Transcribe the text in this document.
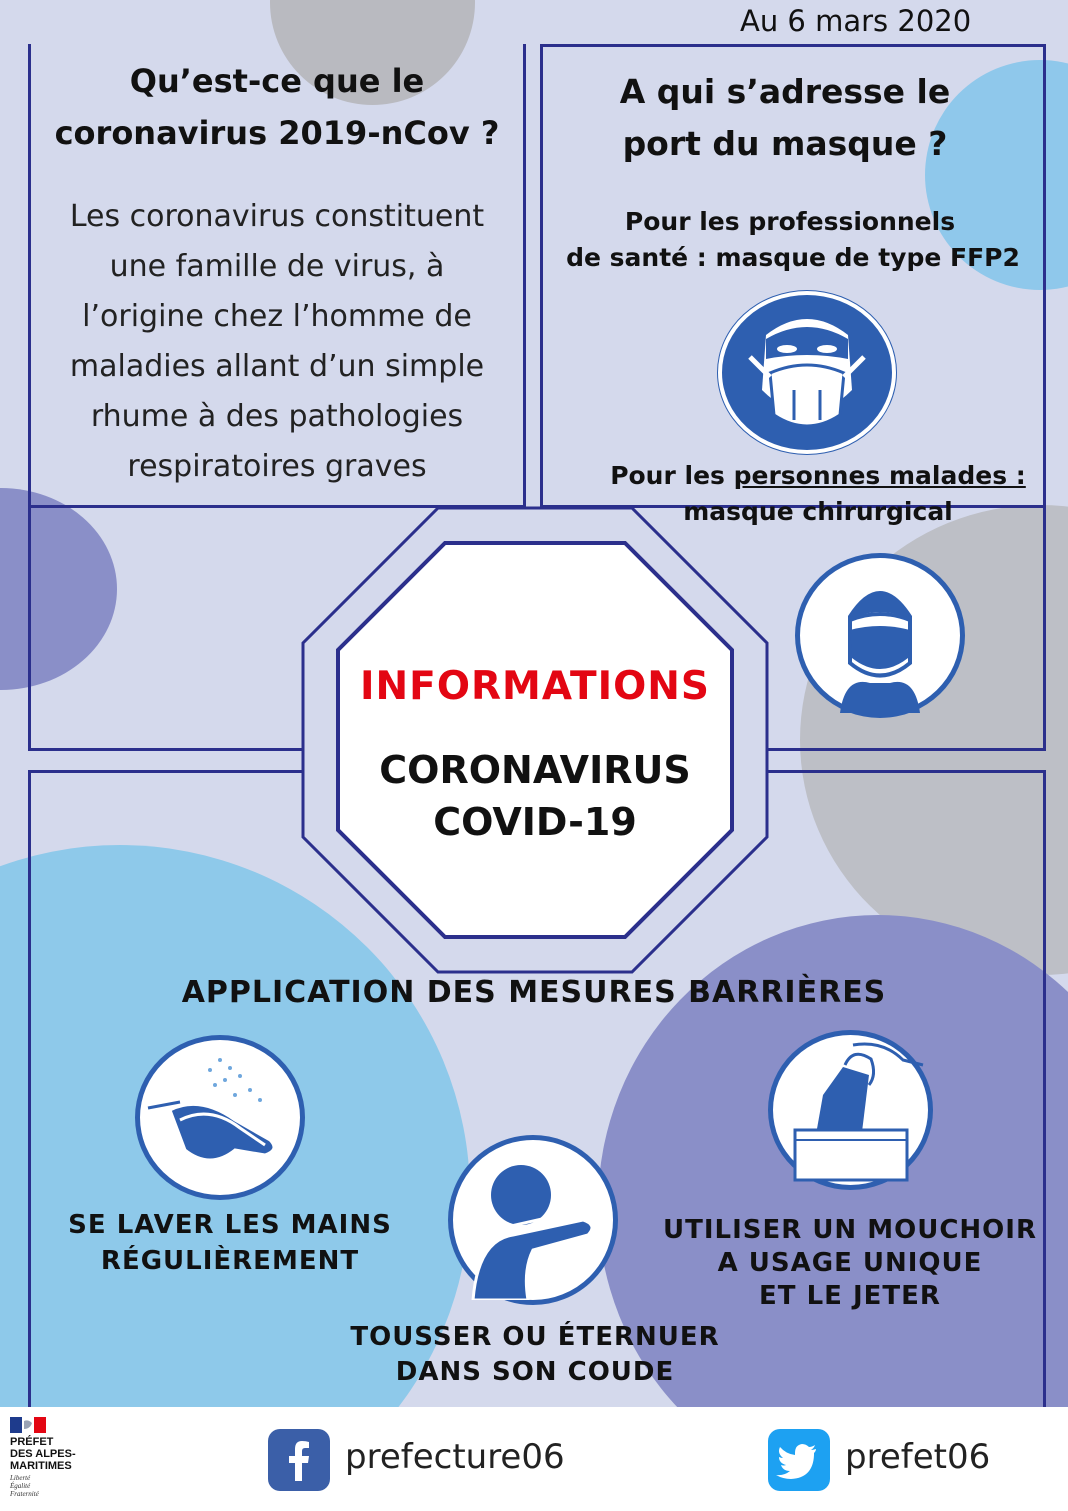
Au 6 mars 2020

Qu’est-ce que le

coronavirus 2019-nCov ?

Les coronavirus constituent

une famille de virus, à

l’origine chez l’homme de

maladies allant d’un simple

rhume à des pathologies

respiratoires graves

A qui s’adresse le

port du masque ?

Pour les professionnels

de santé : masque de type FFP2

Pour les personnes malades :

masque chirurgical

INFORMATIONS

CORONAVIRUS

COVID-19

APPLICATION DES MESURES BARRIÈRES

SE LAVER LES MAINS

RÉGULIÈREMENT

TOUSSER OU ÉTERNUER

DANS SON COUDE

UTILISER UN MOUCHOIR

A USAGE UNIQUE

ET LE JETER

PRÉFET
DES ALPES-
MARITIMES
Liberté
Égalité
Fraternité

prefecture06	prefet06
